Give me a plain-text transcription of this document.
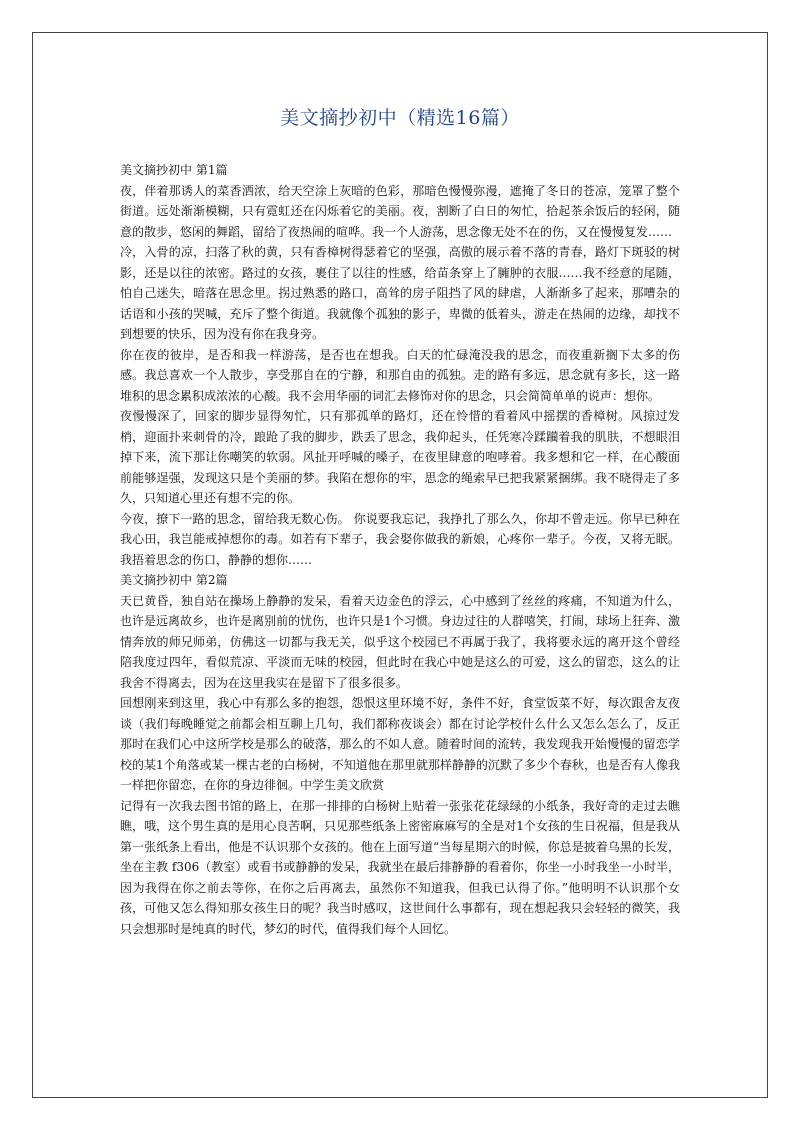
美文摘抄初中（精选16篇）

美文摘抄初中 第1篇

夜，伴着那诱人的菜香洒浓，给天空涂上灰暗的色彩，那暗色慢慢弥漫，遮掩了冬日的苍凉，笼罩了整个街道。远处渐渐模糊，只有霓虹还在闪烁着它的美丽。夜，割断了白日的匆忙，拾起茶余饭后的轻闲，随意的散步，悠闲的舞蹈，留给了夜热闹的喧哗。我一个人游荡，思念像无处不在的伤，又在慢慢复发……

冷，入骨的凉，扫落了秋的黄，只有香樟树得瑟着它的坚强，高傲的展示着不落的青春，路灯下斑驳的树影，还是以往的浓密。路过的女孩，裹住了以往的性感，给苗条穿上了臃肿的衣服……我不经意的尾随，怕自己迷失，暗落在思念里。拐过熟悉的路口，高耸的房子阻挡了风的肆虐，人渐渐多了起来，那嘈杂的话语和小孩的哭喊，充斥了整个街道。我就像个孤独的影子，卑微的低着头，游走在热闹的边缘，却找不到想要的快乐，因为没有你在我身旁。

你在夜的彼岸，是否和我一样游荡，是否也在想我。白天的忙碌淹没我的思念，而夜重新搁下太多的伤感。我总喜欢一个人散步，享受那自在的宁静，和那自由的孤独。走的路有多远，思念就有多长，这一路堆积的思念累积成浓浓的心酸。我不会用华丽的词汇去修饰对你的思念，只会简简单单的说声：想你。

夜慢慢深了，回家的脚步显得匆忙，只有那孤单的路灯，还在怜惜的看着风中摇摆的香樟树。风掠过发梢，迎面扑来刺骨的冷，踉跄了我的脚步，跌丢了思念，我仰起头，任凭寒冷蹂躏着我的肌肤，不想眼泪掉下来，流下那让你嘲笑的软弱。风扯开呼喊的嗓子，在夜里肆意的咆哮着。我多想和它一样，在心酸面前能够逞强，发现这只是个美丽的梦。我陷在想你的牢，思念的绳索早已把我紧紧捆绑。我不晓得走了多久，只知道心里还有想不完的你。

今夜，撩下一路的思念，留给我无数心伤。 你说要我忘记，我挣扎了那么久，你却不曾走远。你早已种在我心田，我岂能戒掉想你的毒。如若有下辈子，我会娶你做我的新娘，心疼你一辈子。今夜，又将无眠。我捂着思念的伤口，静静的想你……

美文摘抄初中 第2篇

天已黄昏，独自站在操场上静静的发呆，看着天边金色的浮云，心中感到了丝丝的疼痛，不知道为什么，也许是远离故乡，也许是离别前的忧伤，也许只是1个习惯。身边过往的人群嘻笑，打闹，球场上狂奔、激情奔放的师兄师弟，仿佛这一切都与我无关，似乎这个校园已不再属于我了，我将要永远的离开这个曾经陪我度过四年，看似荒凉、平淡而无味的校园，但此时在我心中她是这么的可爱，这么的留恋，这么的让我舍不得离去，因为在这里我实在是留下了很多很多。

回想刚来到这里，我心中有那么多的抱怨，怨恨这里环境不好，条件不好，食堂饭菜不好，每次跟舍友夜谈（我们每晚睡觉之前都会相互聊上几句，我们都称夜谈会）都在讨论学校什么什么又怎么怎么了，反正那时在我们心中这所学校是那么的破落，那么的不如人意。随着时间的流转，我发现我开始慢慢的留恋学校的某1个角落或某一棵古老的白杨树，不知道他在那里就那样静静的沉默了多少个春秋，也是否有人像我一样把你留恋，在你的身边徘徊。中学生美文欣赏

记得有一次我去图书馆的路上，在那一排排的白杨树上贴着一张张花花绿绿的小纸条，我好奇的走过去瞧瞧，哦，这个男生真的是用心良苦啊，只见那些纸条上密密麻麻写的全是对1个女孩的生日祝福，但是我从第一张纸条上看出，他是不认识那个女孩的。他在上面写道“当每星期六的时候，你总是披着乌黑的长发，坐在主教 f306（教室）或看书或静静的发呆，我就坐在最后排静静的看着你，你坐一小时我坐一小时半，因为我得在你之前去等你，在你之后再离去，虽然你不知道我，但我已认得了你。”他明明不认识那个女孩，可他又怎么得知那女孩生日的呢？我当时感叹，这世间什么事都有，现在想起我只会轻轻的微笑，我只会想那时是纯真的时代，梦幻的时代，值得我们每个人回忆。
